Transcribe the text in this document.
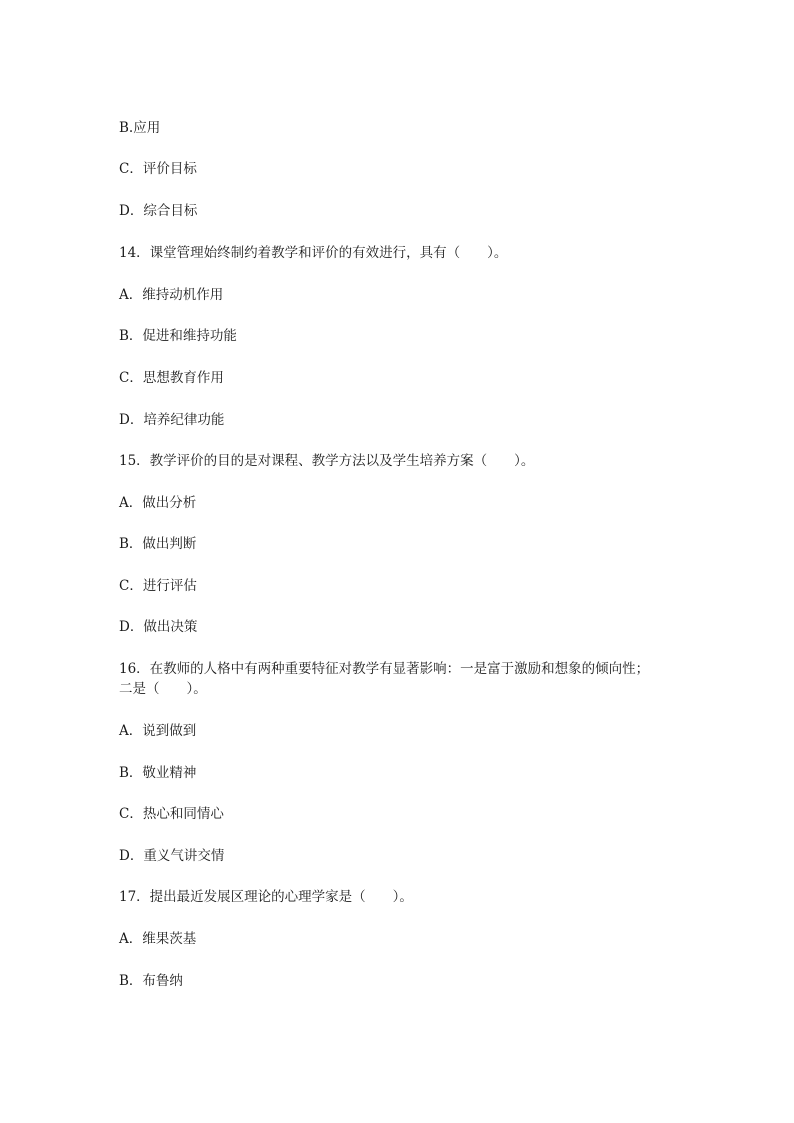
B.应用
C．评价目标
D．综合目标
14．课堂管理始终制约着教学和评价的有效进行，具有（　　）。
A．维持动机作用
B．促进和维持功能
C．思想教育作用
D．培养纪律功能
15．教学评价的目的是对课程、教学方法以及学生培养方案（　　）。
A．做出分析
B．做出判断
C．进行评估
D．做出决策
16．在教师的人格中有两种重要特征对教学有显著影响：一是富于激励和想象的倾向性；
二是（　　）。
A．说到做到
B．敬业精神
C．热心和同情心
D．重义气讲交情
17．提出最近发展区理论的心理学家是（　　）。
A．维果茨基
B．布鲁纳
